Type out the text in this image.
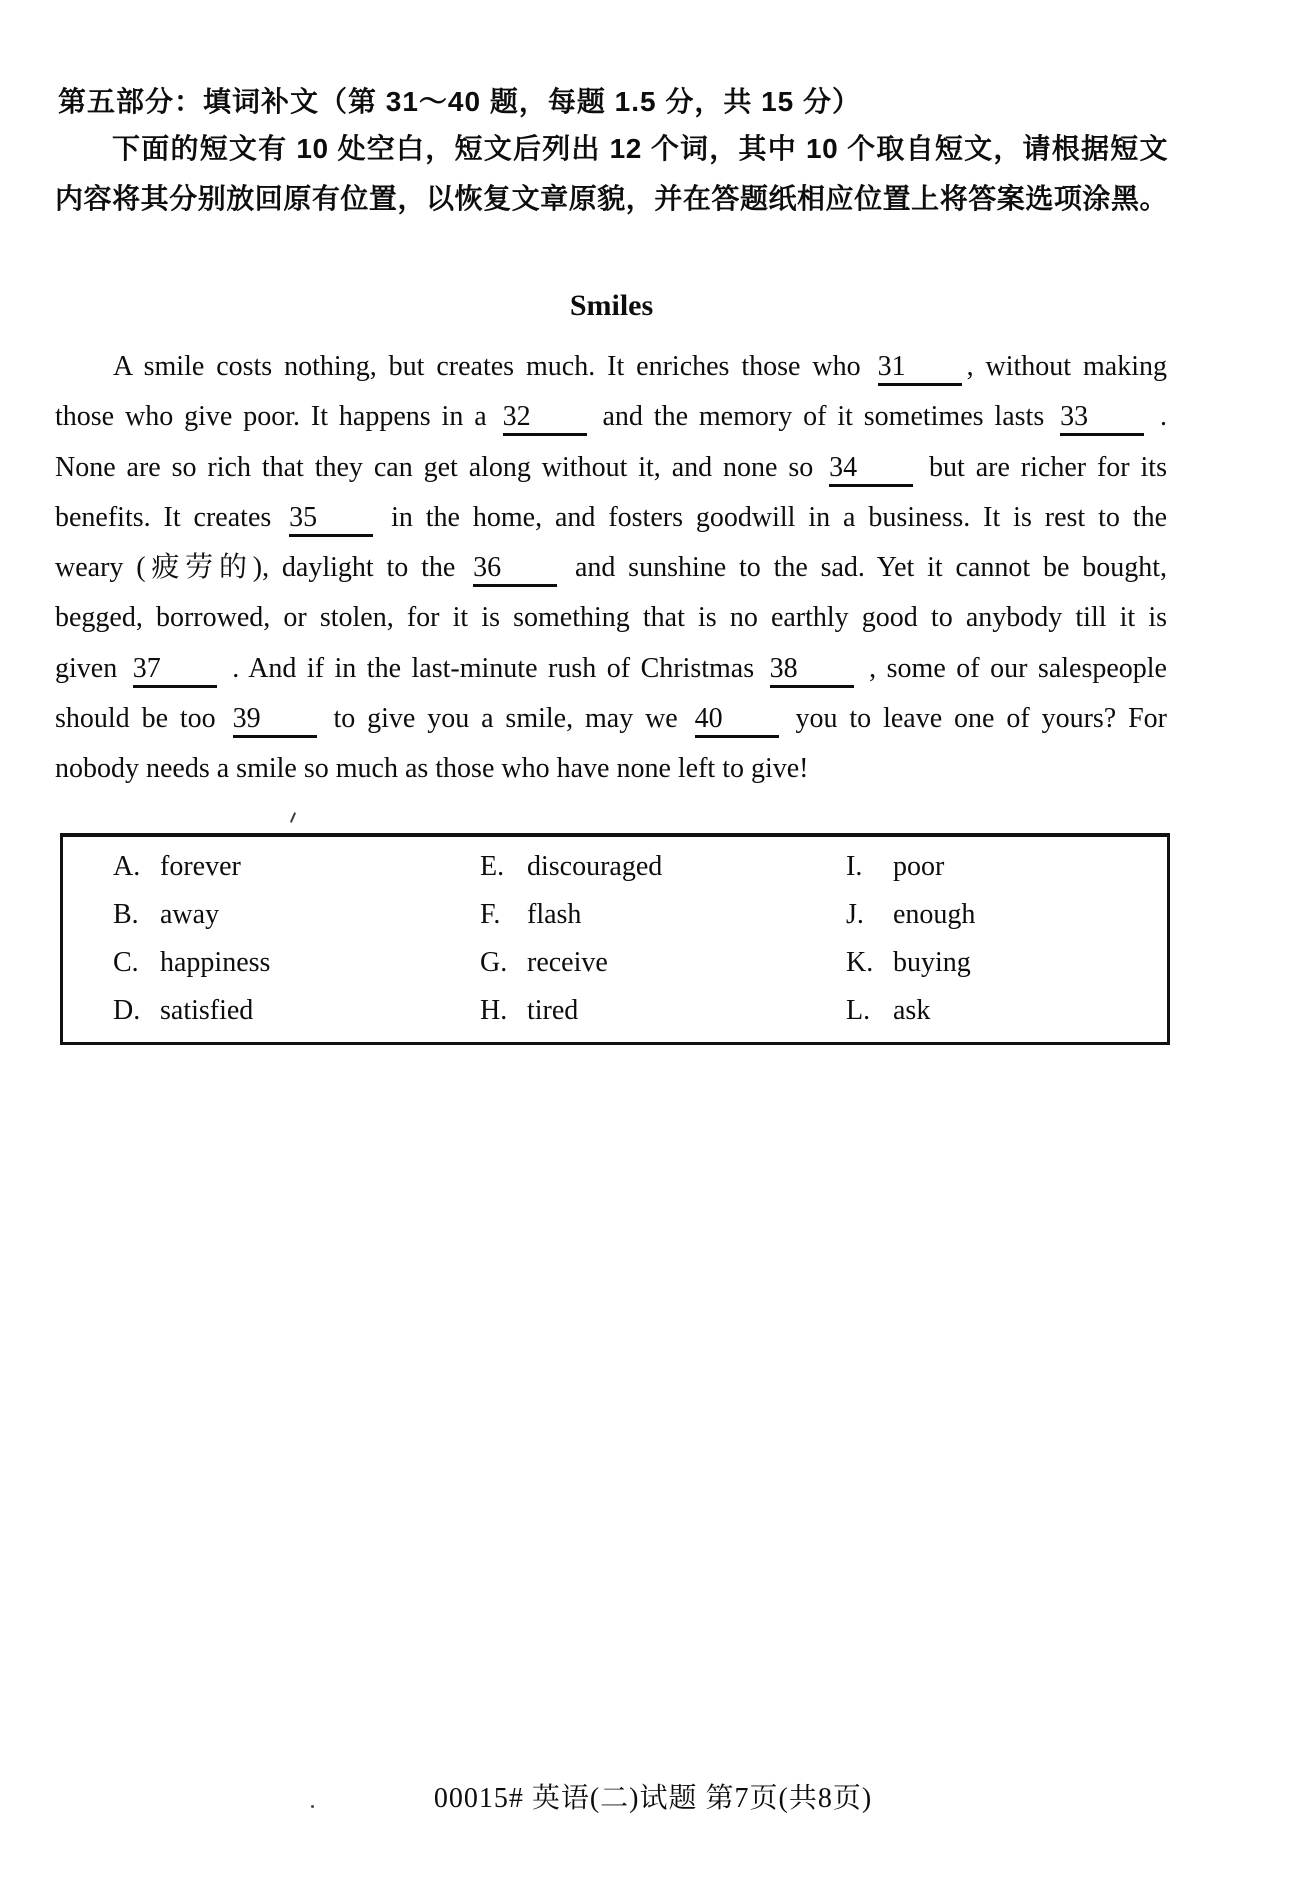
第五部分：填词补文（第 31～40 题，每题 1.5 分，共 15 分）
下面的短文有 10 处空白，短文后列出 12 个词，其中 10 个取自短文，请根据短文
内容将其分别放回原有位置，以恢复文章原貌，并在答题纸相应位置上将答案选项涂黑。
Smiles
A smile costs nothing, but creates much. It enriches those who 31 , without making
those who give poor. It happens in a 32 and the memory of it sometimes lasts 33 .
None are so rich that they can get along without it, and none so 34 but are richer for its
benefits. It creates 35 in the home, and fosters goodwill in a business. It is rest to the
weary (疲劳的), daylight to the 36 and sunshine to the sad. Yet it cannot be bought,
begged, borrowed, or stolen, for it is something that is no earthly good to anybody till it is
given 37 . And if in the last-minute rush of Christmas 38 , some of our salespeople
should be too 39 to give you a smile, may we 40 you to leave one of yours? For
nobody needs a smile so much as those who have none left to give!
A. forever
B. away
C. happiness
D. satisfied
E. discouraged
F. flash
G. receive
H. tired
I. poor
J. enough
K. buying
L. ask
00015# 英语(二)试题 第7页(共8页)
